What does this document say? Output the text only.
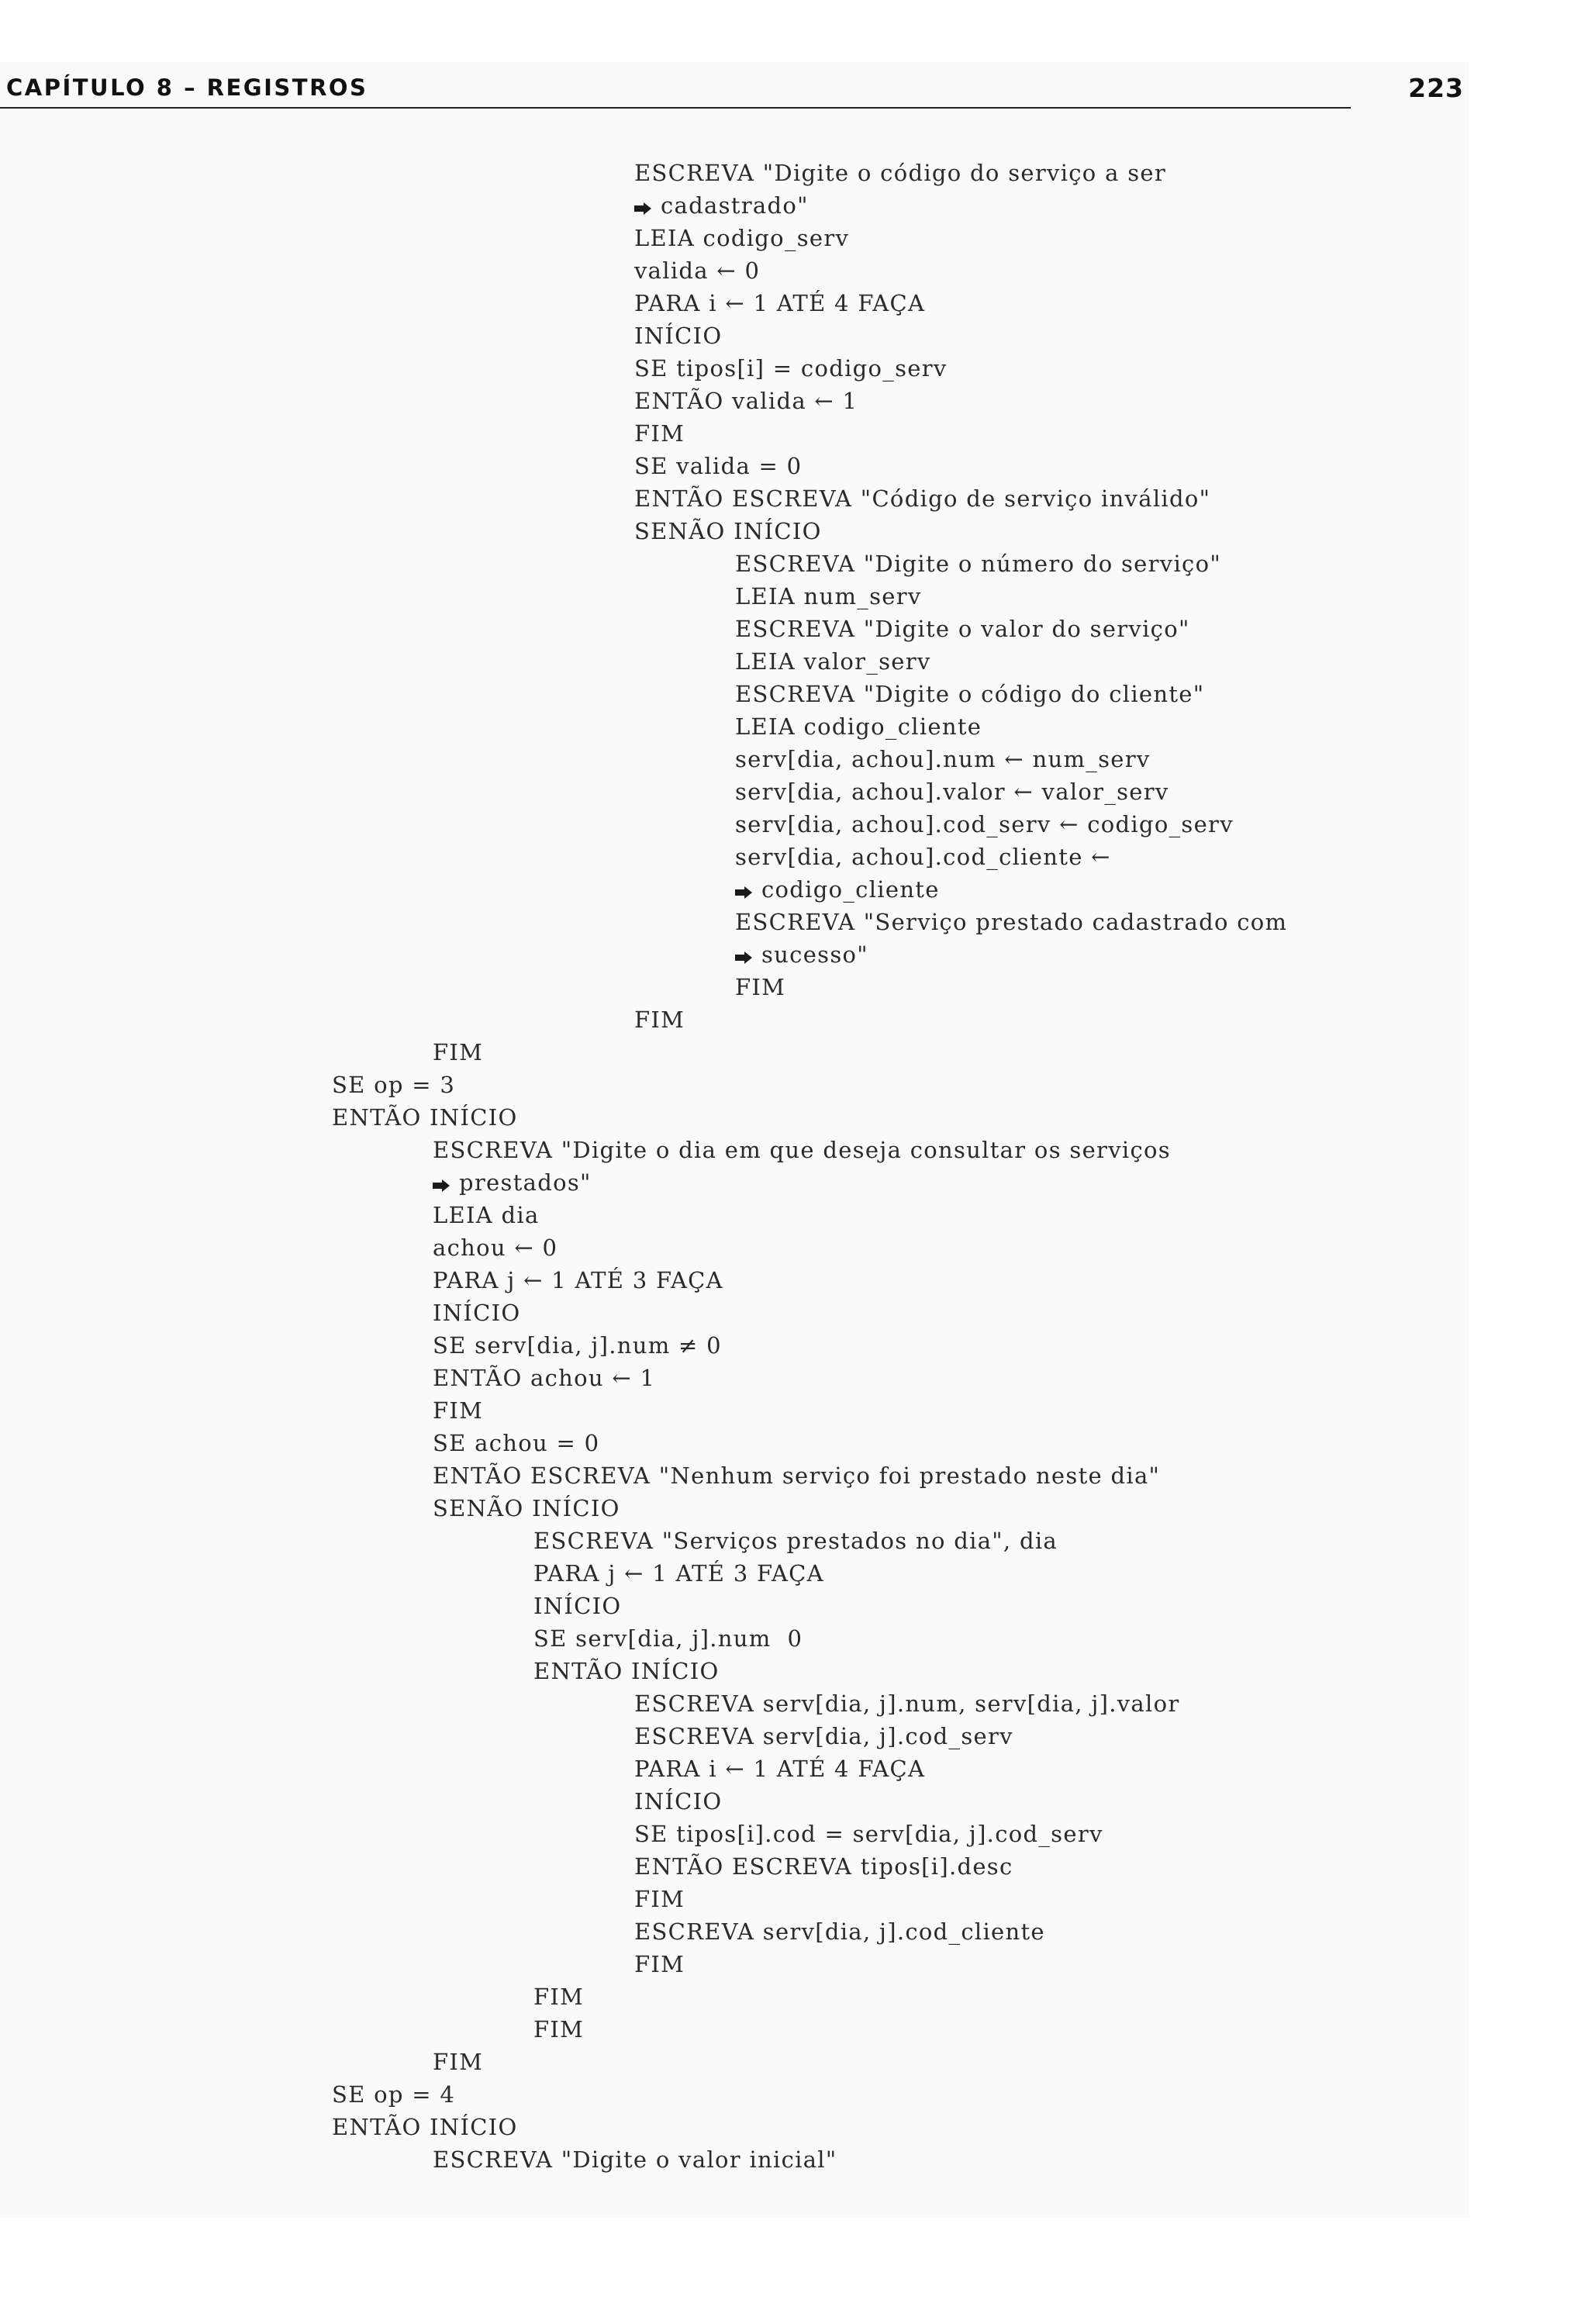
CAPÍTULO 8 – REGISTROS	223
ESCREVA "Digite o código do serviço a ser
cadastrado"
LEIA codigo_serv
valida ← 0
PARA i ← 1 ATÉ 4 FAÇA
INÍCIO
SE tipos[i] = codigo_serv
ENTÃO valida ← 1
FIM
SE valida = 0
ENTÃO ESCREVA "Código de serviço inválido"
SENÃO INÍCIO
ESCREVA "Digite o número do serviço"
LEIA num_serv
ESCREVA "Digite o valor do serviço"
LEIA valor_serv
ESCREVA "Digite o código do cliente"
LEIA codigo_cliente
serv[dia, achou].num ← num_serv
serv[dia, achou].valor ← valor_serv
serv[dia, achou].cod_serv ← codigo_serv
serv[dia, achou].cod_cliente ←
codigo_cliente
ESCREVA "Serviço prestado cadastrado com
sucesso"
FIM
FIM
FIM
SE op = 3
ENTÃO INÍCIO
ESCREVA "Digite o dia em que deseja consultar os serviços
prestados"
LEIA dia
achou ← 0
PARA j ← 1 ATÉ 3 FAÇA
INÍCIO
SE serv[dia, j].num ≠ 0
ENTÃO achou ← 1
FIM
SE achou = 0
ENTÃO ESCREVA "Nenhum serviço foi prestado neste dia"
SENÃO INÍCIO
ESCREVA "Serviços prestados no dia", dia
PARA j ← 1 ATÉ 3 FAÇA
INÍCIO
SE serv[dia, j].num  0
ENTÃO INÍCIO
ESCREVA serv[dia, j].num, serv[dia, j].valor
ESCREVA serv[dia, j].cod_serv
PARA i ← 1 ATÉ 4 FAÇA
INÍCIO
SE tipos[i].cod = serv[dia, j].cod_serv
ENTÃO ESCREVA tipos[i].desc
FIM
ESCREVA serv[dia, j].cod_cliente
FIM
FIM
FIM
FIM
SE op = 4
ENTÃO INÍCIO
ESCREVA "Digite o valor inicial"
